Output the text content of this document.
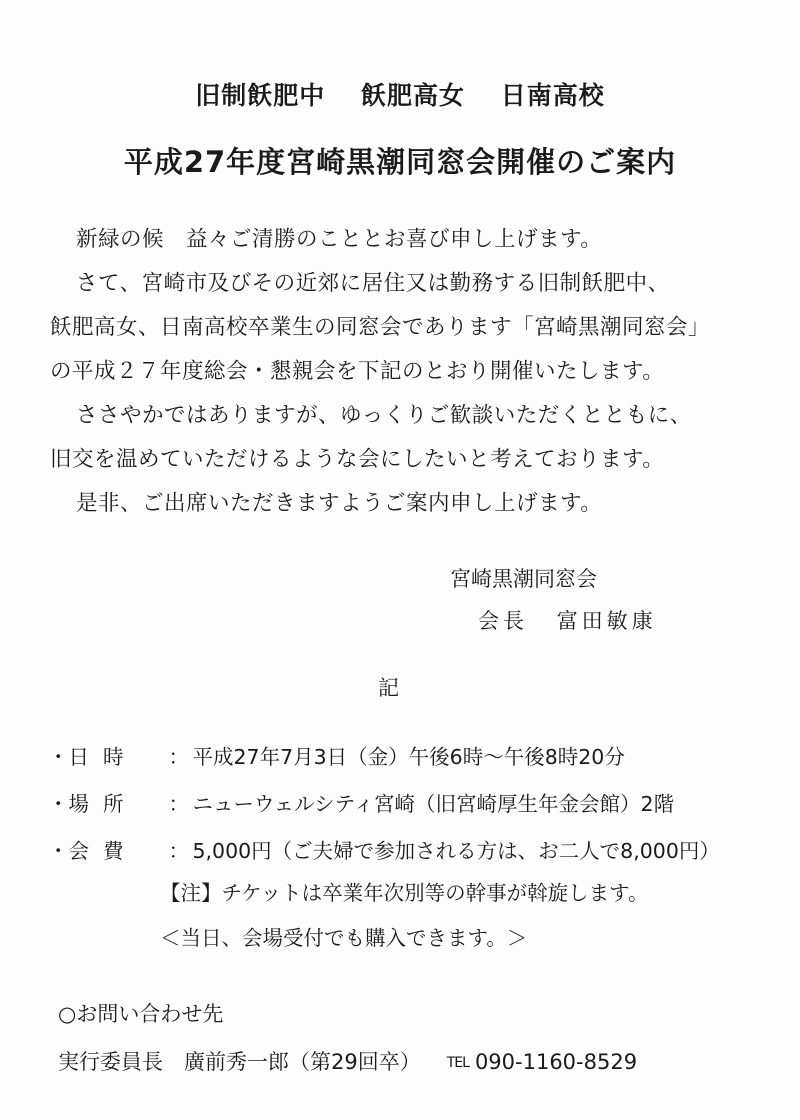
旧制飫肥中 飫肥高女 日南高校
平成27年度宮崎黒潮同窓会開催のご案内
新緑の候　益々ご清勝のこととお喜び申し上げます。
さて、宮崎市及びその近郊に居住又は勤務する旧制飫肥中、
飫肥高女、日南高校卒業生の同窓会であります「宮崎黒潮同窓会」
の平成２７年度総会・懇親会を下記のとおり開催いたします。
ささやかではありますが、ゆっくりご歓談いただくとともに、
旧交を温めていただけるような会にしたいと考えております。
是非、ご出席いただきますようご案内申し上げます。
宮崎黒潮同窓会
会長 富田敏康
記
・日時 ： 平成27年7月3日（金）午後6時～午後8時20分
・場所 ： ニューウェルシティ宮崎（旧宮崎厚生年金会館）2階
・会費 ： 5,000円（ご夫婦で参加される方は、お二人で8,000円）
【注】チケットは卒業年次別等の幹事が斡旋します。
＜当日、会場受付でも購入できます。＞
○お問い合わせ先
実行委員長　廣前秀一郎（第29回卒） TEL 090-1160-8529
